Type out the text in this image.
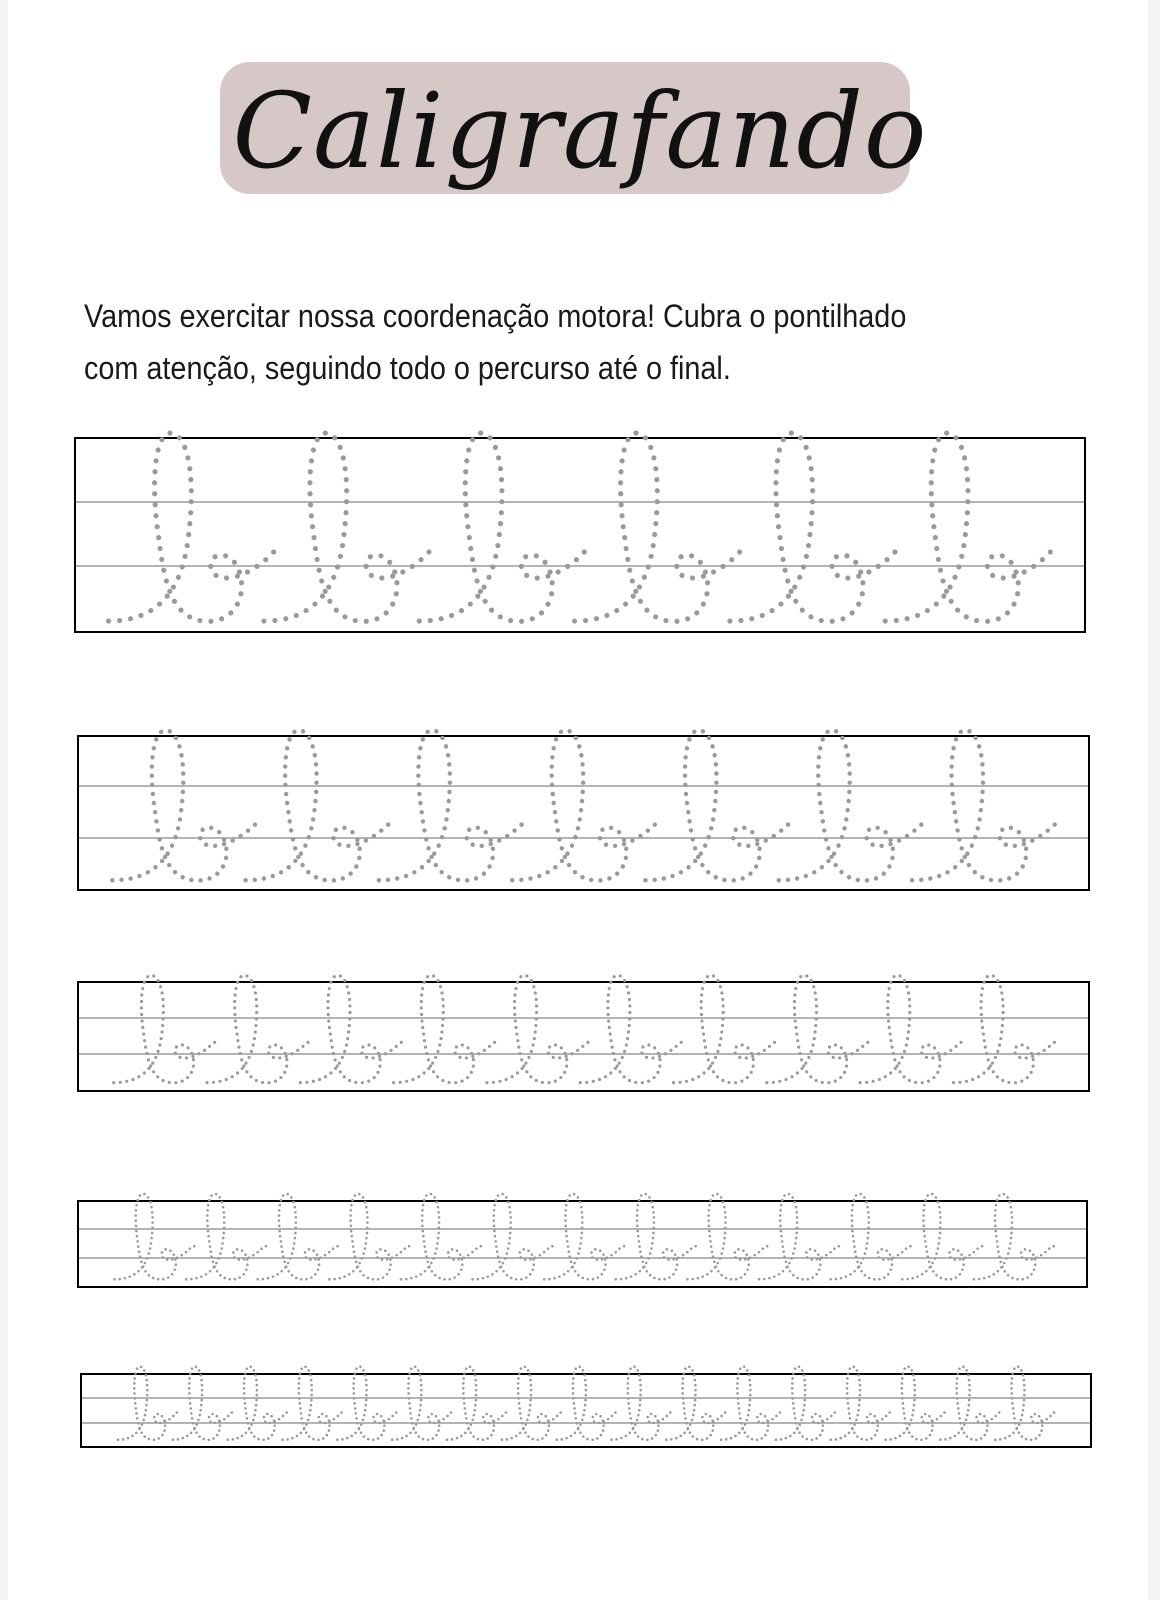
Caligrafando

Vamos exercitar nossa coordenação motora! Cubra o pontilhado
com atenção, seguindo todo o percurso até o final.
